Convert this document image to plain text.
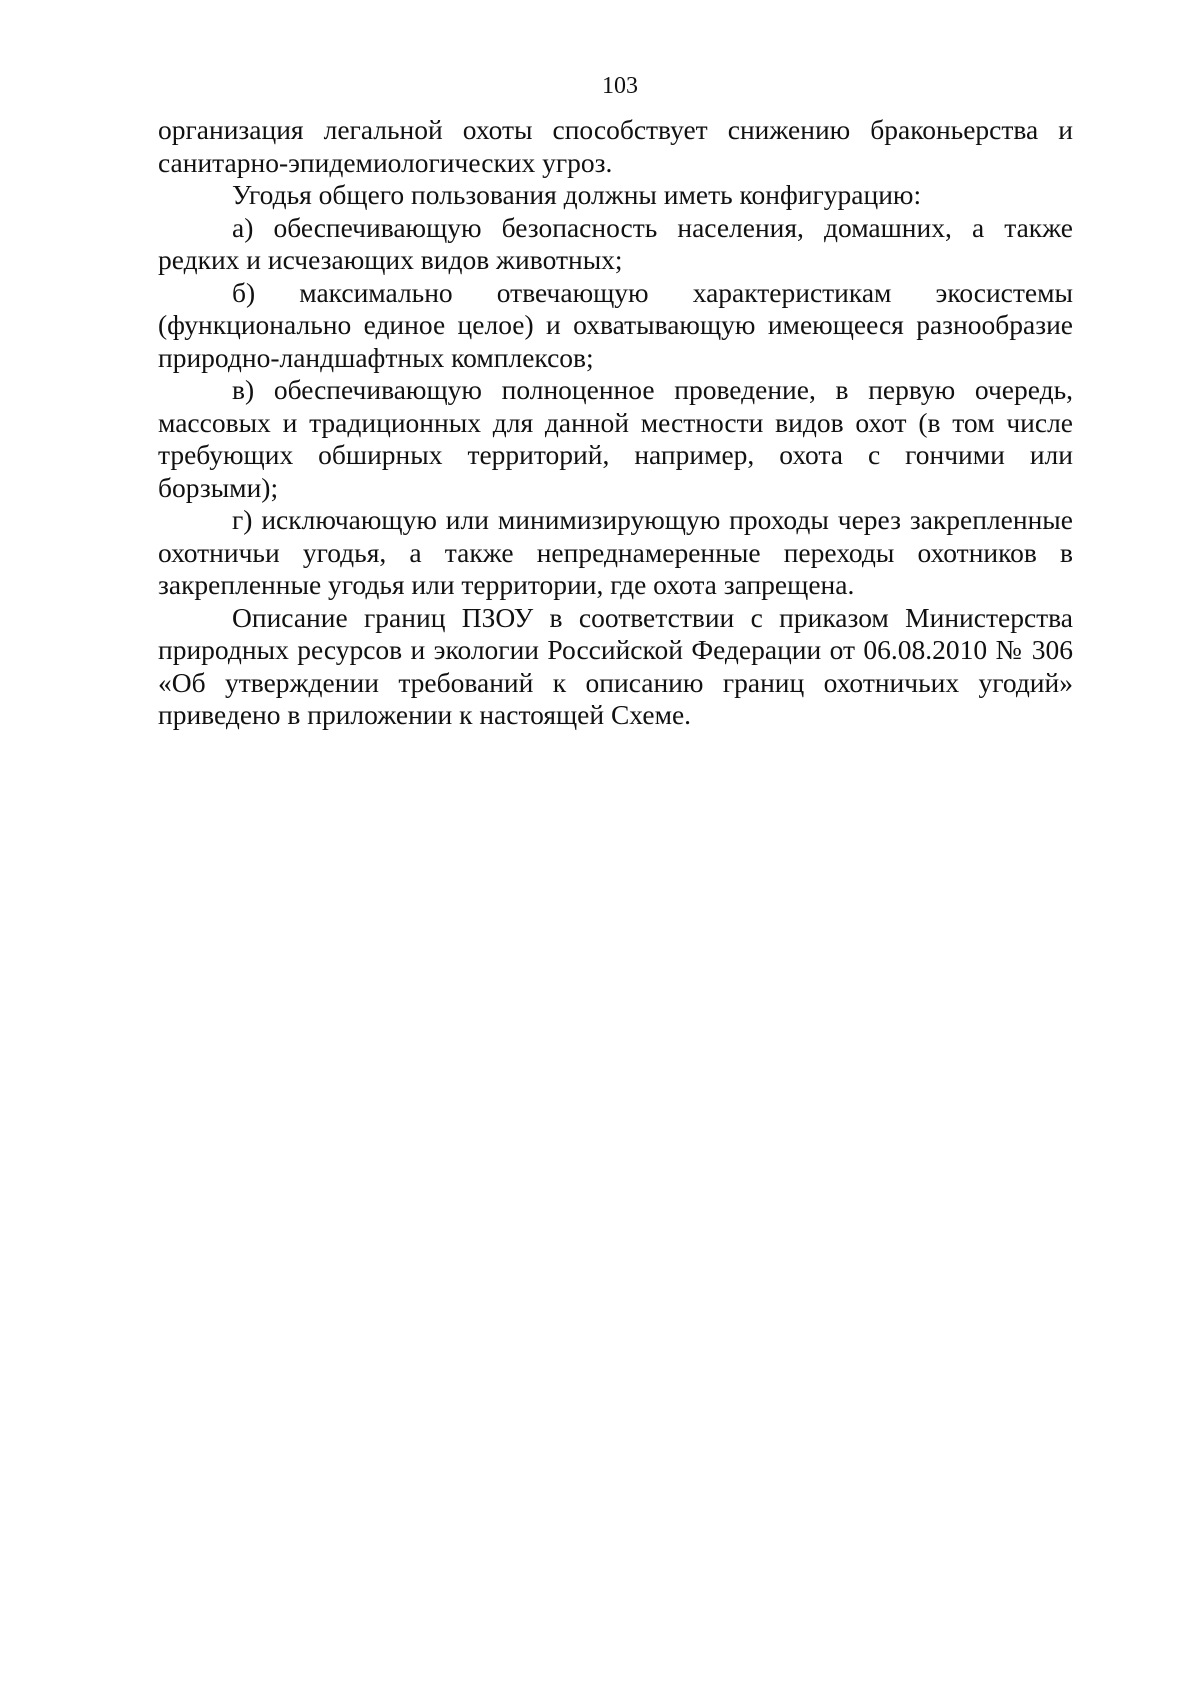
103

организация легальной охоты способствует снижению браконьерства и санитарно-эпидемиологических угроз.

Угодья общего пользования должны иметь конфигурацию:

а) обеспечивающую безопасность населения, домашних, а также редких и исчезающих видов животных;

б) максимально отвечающую характеристикам экосистемы (функционально единое целое) и охватывающую имеющееся разнообразие природно-ландшафтных комплексов;

в) обеспечивающую полноценное проведение, в первую очередь, массовых и традиционных для данной местности видов охот (в том числе требующих обширных территорий, например, охота с гончими или борзыми);

г) исключающую или минимизирующую проходы через закрепленные охотничьи угодья, а также непреднамеренные переходы охотников в закрепленные угодья или территории, где охота запрещена.

Описание границ ПЗОУ в соответствии с приказом Министерства природных ресурсов и экологии Российской Федерации от 06.08.2010 № 306 «Об утверждении требований к описанию границ охотничьих угодий» приведено в приложении к настоящей Схеме.
